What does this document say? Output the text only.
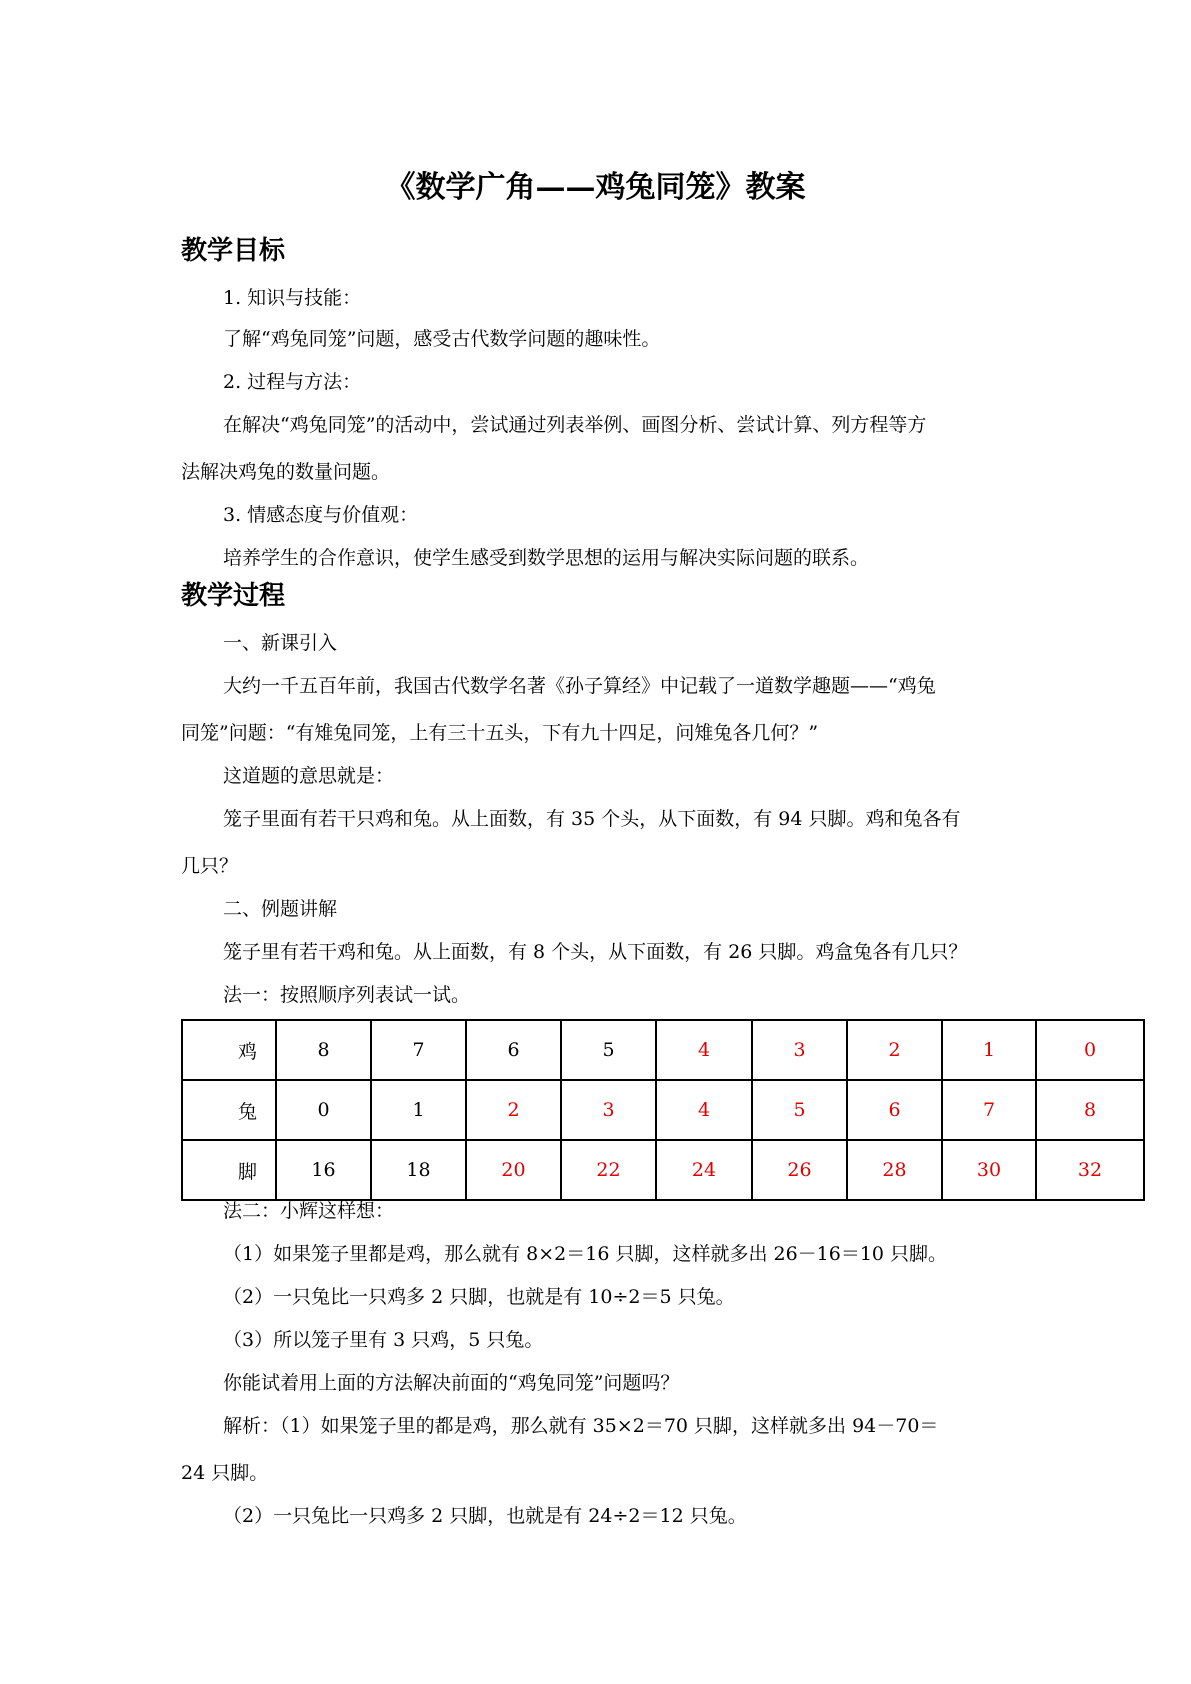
《数学广角——鸡兔同笼》教案
教学目标

1. 知识与技能：

了解“鸡兔同笼”问题，感受古代数学问题的趣味性。

2. 过程与方法：

在解决“鸡兔同笼”的活动中，尝试通过列表举例、画图分析、尝试计算、列方程等方

法解决鸡兔的数量问题。

3. 情感态度与价值观：

培养学生的合作意识，使学生感受到数学思想的运用与解决实际问题的联系。

教学过程

一、新课引入

大约一千五百年前，我国古代数学名著《孙子算经》中记载了一道数学趣题——“鸡兔

同笼”问题：“有雉兔同笼，上有三十五头，下有九十四足，问雉兔各几何？”

这道题的意思就是：

笼子里面有若干只鸡和兔。从上面数，有 35 个头，从下面数，有 94 只脚。鸡和兔各有

几只？

二、例题讲解

笼子里有若干鸡和兔。从上面数，有 8 个头，从下面数，有 26 只脚。鸡盒兔各有几只？

法一：按照顺序列表试一试。

鸡	8	7	6	5	4	3	2	1	0
兔	0	1	2	3	4	5	6	7	8
脚	16	18	20	22	24	26	28	30	32

法二：小辉这样想：

（1）如果笼子里都是鸡，那么就有 8×2＝16 只脚，这样就多出 26－16＝10 只脚。

（2）一只兔比一只鸡多 2 只脚，也就是有 10÷2＝5 只兔。

（3）所以笼子里有 3 只鸡，5 只兔。

你能试着用上面的方法解决前面的“鸡兔同笼”问题吗？

解析：（1）如果笼子里的都是鸡，那么就有 35×2＝70 只脚，这样就多出 94－70＝

24 只脚。

（2）一只兔比一只鸡多 2 只脚，也就是有 24÷2＝12 只兔。
